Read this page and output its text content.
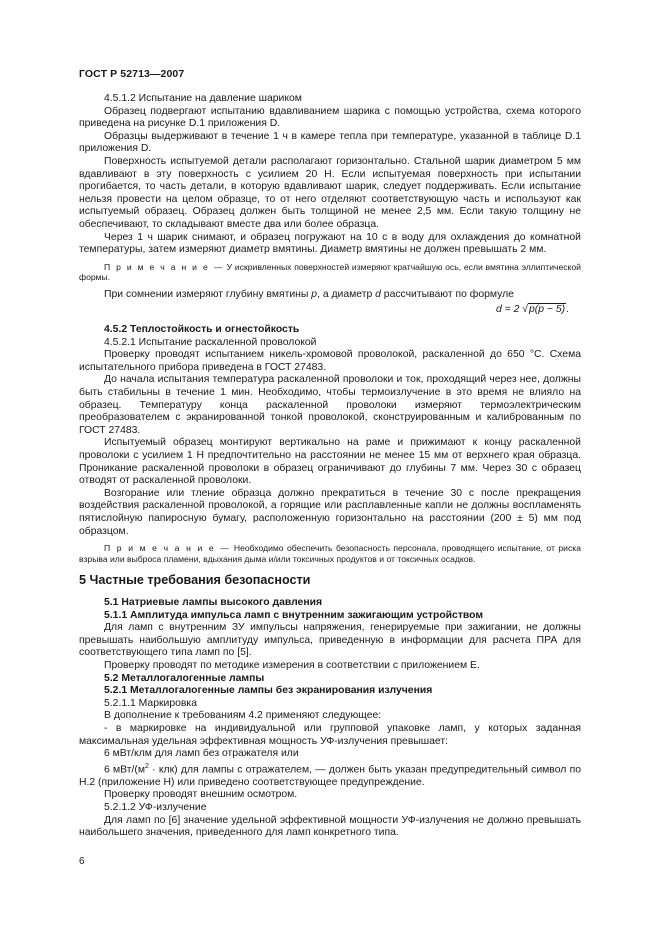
ГОСТ Р 52713—2007

4.5.1.2 Испытание на давление шариком

Образец подвергают испытанию вдавливанием шарика с помощью устройства, схема которого приведена на рисунке D.1 приложения D.

Образцы выдерживают в течение 1 ч в камере тепла при температуре, указанной в таблице D.1 приложения D.

Поверхность испытуемой детали располагают горизонтально. Стальной шарик диаметром 5 мм вдавливают в эту поверхность с усилием 20 Н. Если испытуемая поверхность при испытании прогибается, то часть детали, в которую вдавливают шарик, следует поддерживать. Если испытание нельзя провести на целом образце, то от него отделяют соответствующую часть и используют как испытуемый образец. Образец должен быть толщиной не менее 2,5 мм. Если такую толщину не обеспечивают, то складывают вместе два или более образца.

Через 1 ч шарик снимают, и образец погружают на 10 с в воду для охлаждения до комнатной температуры, затем измеряют диаметр вмятины. Диаметр вмятины не должен превышать 2 мм.

П р и м е ч а н и е — У искривленных поверхностей измеряют кратчайшую ось, если вмятина эллиптической формы.

При сомнении измеряют глубину вмятины p, а диаметр d рассчитывают по формуле

d = 2 √p(p − 5).

4.5.2 Теплостойкость и огнестойкость

4.5.2.1 Испытание раскаленной проволокой

Проверку проводят испытанием никель-хромовой проволокой, раскаленной до 650 °С. Схема испытательного прибора приведена в ГОСТ 27483.

До начала испытания температура раскаленной проволоки и ток, проходящий через нее, должны быть стабильны в течение 1 мин. Необходимо, чтобы термоизлучение в это время не влияло на образец. Температуру конца раскаленной проволоки измеряют термоэлектрическим преобразователем с экранированной тонкой проволокой, сконструированным и калиброванным по ГОСТ 27483.

Испытуемый образец монтируют вертикально на раме и прижимают к концу раскаленной проволоки с усилием 1 Н предпочтительно на расстоянии не менее 15 мм от верхнего края образца. Проникание раскаленной проволоки в образец ограничивают до глубины 7 мм. Через 30 с образец отводят от раскаленной проволоки.

Возгорание или тление образца должно прекратиться в течение 30 с после прекращения воздействия раскаленной проволокой, а горящие или расплавленные капли не должны воспламенять пятислойную папиросную бумагу, расположенную горизонтально на расстоянии (200 ± 5) мм под образцом.

П р и м е ч а н и е — Необходимо обеспечить безопасность персонала, проводящего испытание, от риска взрыва или выброса пламени, вдыхания дыма и/или токсичных продуктов и от токсичных осадков.

5 Частные требования безопасности

5.1 Натриевые лампы высокого давления

5.1.1 Амплитуда импульса ламп с внутренним зажигающим устройством

Для ламп с внутренним ЗУ импульсы напряжения, генерируемые при зажигании, не должны превышать наибольшую амплитуду импульса, приведенную в информации для расчета ПРА для соответствующего типа ламп по [5].

Проверку проводят по методике измерения в соответствии с приложением Е.

5.2 Металлогалогенные лампы

5.2.1 Металлогалогенные лампы без экранирования излучения

5.2.1.1 Маркировка

В дополнение к требованиям 4.2 применяют следующее:

- в маркировке на индивидуальной или групповой упаковке ламп, у которых заданная максимальная удельная эффективная мощность УФ-излучения превышает:

6 мВт/клм для ламп без отражателя или

6 мВт/$(м^2 \cdot клк)$ для лампы с отражателем, — должен быть указан предупредительный символ по Н.2 (приложение Н) или приведено соответствующее предупреждение.

Проверку проводят внешним осмотром.

5.2.1.2 УФ-излучение

Для ламп по [6] значение удельной эффективной мощности УФ-излучения не должно превышать наибольшего значения, приведенного для ламп конкретного типа.

6
